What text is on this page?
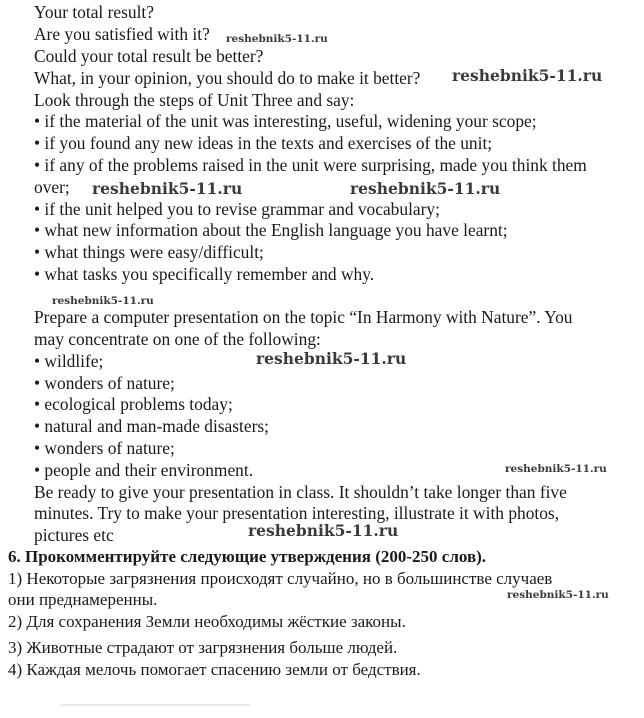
Your total result?
Are you satisfied with it?
Could your total result be better?
What, in your opinion, you should do to make it better?
Look through the steps of Unit Three and say:
• if the material of the unit was interesting, useful, widening your scope;
• if you found any new ideas in the texts and exercises of the unit;
• if any of the problems raised in the unit were surprising, made you think them
over;
• if the unit helped you to revise grammar and vocabulary;
• what new information about the English language you have learnt;
• what things were easy/difficult;
• what tasks you specifically remember and why.
Prepare a computer presentation on the topic “In Harmony with Nature”. You
may concentrate on one of the following:
• wildlife;
• wonders of nature;
• ecological problems today;
• natural and man-made disasters;
• wonders of nature;
• people and their environment.
Be ready to give your presentation in class. It shouldn’t take longer than five
minutes. Try to make your presentation interesting, illustrate it with photos,
pictures etc
6. Прокомментируйте следующие утверждения (200-250 слов).
1) Некоторые загрязнения происходят случайно, но в большинстве случаев
они преднамеренны.
2) Для сохранения Земли необходимы жёсткие законы.
3) Животные страдают от загрязнения больше людей.
4) Каждая мелочь помогает спасению земли от бедствия.
reshebnik5-11.ru
reshebnik5-11.ru
reshebnik5-11.ru	reshebnik5-11.ru
reshebnik5-11.ru
reshebnik5-11.ru
reshebnik5-11.ru
reshebnik5-11.ru
reshebnik5-11.ru
